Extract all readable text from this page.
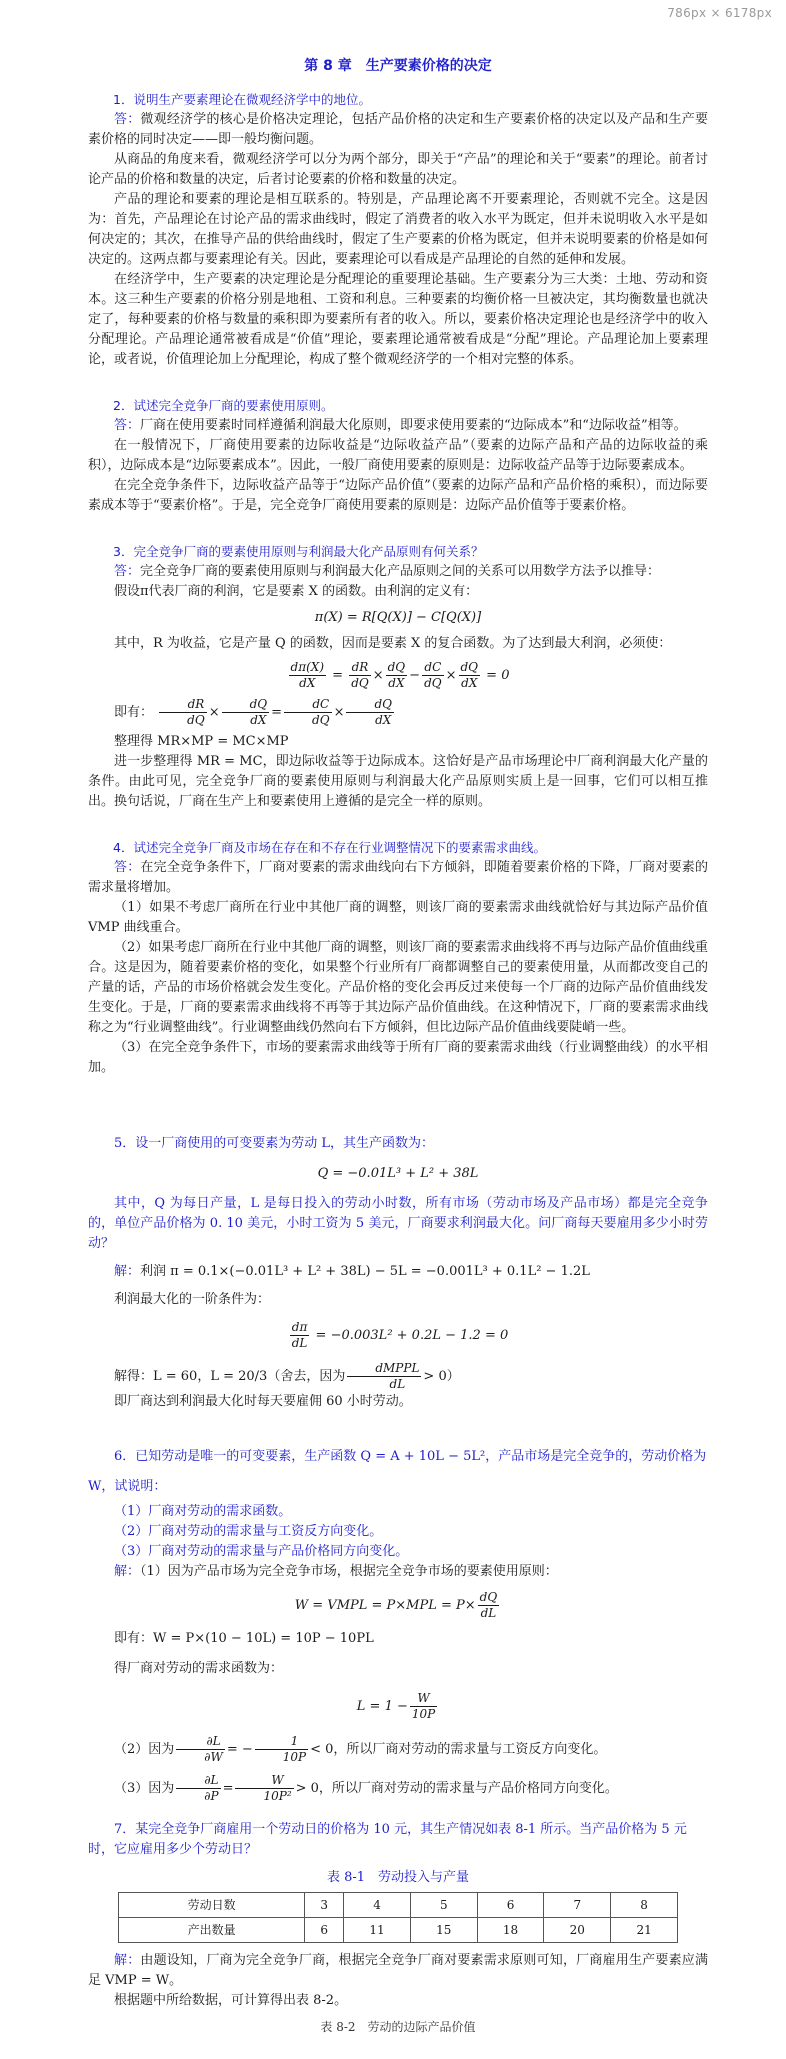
786px × 6178px
第 8 章　生产要素价格的决定

1．说明生产要素理论在微观经济学中的地位。

答：微观经济学的核心是价格决定理论，包括产品价格的决定和生产要素价格的决定以及产品和生产要素价格的同时决定——即一般均衡问题。

从商品的角度来看，微观经济学可以分为两个部分，即关于“产品”的理论和关于“要素”的理论。前者讨论产品的价格和数量的决定，后者讨论要素的价格和数量的决定。

产品的理论和要素的理论是相互联系的。特别是，产品理论离不开要素理论，否则就不完全。这是因为：首先，产品理论在讨论产品的需求曲线时，假定了消费者的收入水平为既定，但并未说明收入水平是如何决定的；其次，在推导产品的供给曲线时，假定了生产要素的价格为既定，但并未说明要素的价格是如何决定的。这两点都与要素理论有关。因此，要素理论可以看成是产品理论的自然的延伸和发展。

在经济学中，生产要素的决定理论是分配理论的重要理论基础。生产要素分为三大类：土地、劳动和资本。这三种生产要素的价格分别是地租、工资和利息。三种要素的均衡价格一旦被决定，其均衡数量也就决定了，每种要素的价格与数量的乘积即为要素所有者的收入。所以，要素价格决定理论也是经济学中的收入分配理论。产品理论通常被看成是“价值”理论，要素理论通常被看成是“分配”理论。产品理论加上要素理论，或者说，价值理论加上分配理论，构成了整个微观经济学的一个相对完整的体系。

2．试述完全竞争厂商的要素使用原则。

答：厂商在使用要素时同样遵循利润最大化原则，即要求使用要素的“边际成本”和“边际收益”相等。

在一般情况下，厂商使用要素的边际收益是“边际收益产品”（要素的边际产品和产品的边际收益的乘积），边际成本是“边际要素成本”。因此，一般厂商使用要素的原则是：边际收益产品等于边际要素成本。

在完全竞争条件下，边际收益产品等于“边际产品价值”（要素的边际产品和产品价格的乘积），而边际要素成本等于“要素价格”。于是，完全竞争厂商使用要素的原则是：边际产品价值等于要素价格。

3．完全竞争厂商的要素使用原则与利润最大化产品原则有何关系？

答：完全竞争厂商的要素使用原则与利润最大化产品原则之间的关系可以用数学方法予以推导：

假设π代表厂商的利润，它是要素 X 的函数。由利润的定义有：

π(X) = R[Q(X)] − C[Q(X)]

其中，R 为收益，它是产量 Q 的函数，因而是要素 X 的复合函数。为了达到最大利润，必须使：

$\frac{d\pi(X)}{dX} = \frac{dR}{dQ} \times \frac{dQ}{dX} - \frac{dC}{dQ} \times \frac{dQ}{dX} = 0$

即有： $\frac{dR}{dQ} \times \frac{dQ}{dX} = \frac{dC}{dQ} \times \frac{dQ}{dX}$

整理得 MR×MP = MC×MP

进一步整理得 MR = MC，即边际收益等于边际成本。这恰好是产品市场理论中厂商利润最大化产量的条件。由此可见，完全竞争厂商的要素使用原则与利润最大化产品原则实质上是一回事，它们可以相互推出。换句话说，厂商在生产上和要素使用上遵循的是完全一样的原则。

4．试述完全竞争厂商及市场在存在和不存在行业调整情况下的要素需求曲线。

答：在完全竞争条件下，厂商对要素的需求曲线向右下方倾斜，即随着要素价格的下降，厂商对要素的需求量将增加。

（1）如果不考虑厂商所在行业中其他厂商的调整，则该厂商的要素需求曲线就恰好与其边际产品价值 VMP 曲线重合。

（2）如果考虑厂商所在行业中其他厂商的调整，则该厂商的要素需求曲线将不再与边际产品价值曲线重合。这是因为，随着要素价格的变化，如果整个行业所有厂商都调整自己的要素使用量，从而都改变自己的产量的话，产品的市场价格就会发生变化。产品价格的变化会再反过来使每一个厂商的边际产品价值曲线发生变化。于是，厂商的要素需求曲线将不再等于其边际产品价值曲线。在这种情况下，厂商的要素需求曲线称之为“行业调整曲线”。行业调整曲线仍然向右下方倾斜，但比边际产品价值曲线要陡峭一些。

（3）在完全竞争条件下，市场的要素需求曲线等于所有厂商的要素需求曲线（行业调整曲线）的水平相加。

5．设一厂商使用的可变要素为劳动 L，其生产函数为：

Q = −0.01L³ + L² + 38L

其中，Q 为每日产量，L 是每日投入的劳动小时数，所有市场（劳动市场及产品市场）都是完全竞争的，单位产品价格为 0. 10 美元，小时工资为 5 美元，厂商要求利润最大化。问厂商每天要雇用多少小时劳动？

解：利润 π = 0.1×(−0.01L³ + L² + 38L) − 5L = −0.001L³ + 0.1L² − 1.2L

利润最大化的一阶条件为：

$\frac{d\pi}{dL} = -0.003L^2 + 0.2L - 1.2 = 0$

解得：L = 60，L = 20/3（舍去，因为 $\frac{\text{dMPPL}}{dL} > 0$）

即厂商达到利润最大化时每天要雇佣 60 小时劳动。

6．已知劳动是唯一的可变要素，生产函数 Q = A + 10L − 5L²，产品市场是完全竞争的，劳动价格为 W，试说明：

（1）厂商对劳动的需求函数。

（2）厂商对劳动的需求量与工资反方向变化。

（3）厂商对劳动的需求量与产品价格同方向变化。

解：（1）因为产品市场为完全竞争市场，根据完全竞争市场的要素使用原则：

W = VMPL = $P\times MPL = P\times \frac{dQ}{dL}$

即有：W = P×(10 − 10L) = 10P − 10PL

得厂商对劳动的需求函数为：

$L = 1 - \frac{W}{10P}$

（2）因为 $\frac{\partial L}{\partial W}$ = − $\frac{1}{10P} < 0$，所以厂商对劳动的需求量与工资反方向变化。

（3）因为 $\frac{\partial L}{\partial P} = \frac{W}{\text{10P²}} > 0$，所以厂商对劳动的需求量与产品价格同方向变化。

7．某完全竞争厂商雇用一个劳动日的价格为 10 元，其生产情况如表 8-1 所示。当产品价格为 5 元时，它应雇用多少个劳动日？

表 8-1　劳动投入与产量
劳动日数	3	4	5	6	7	8
产出数量	6	11	15	18	20	21

解：由题设知，厂商为完全竞争厂商，根据完全竞争厂商对要素需求原则可知，厂商雇用生产要素应满足 VMP = W。

根据题中所给数据，可计算得出表 8-2。

表 8-2　劳动的边际产品价值
